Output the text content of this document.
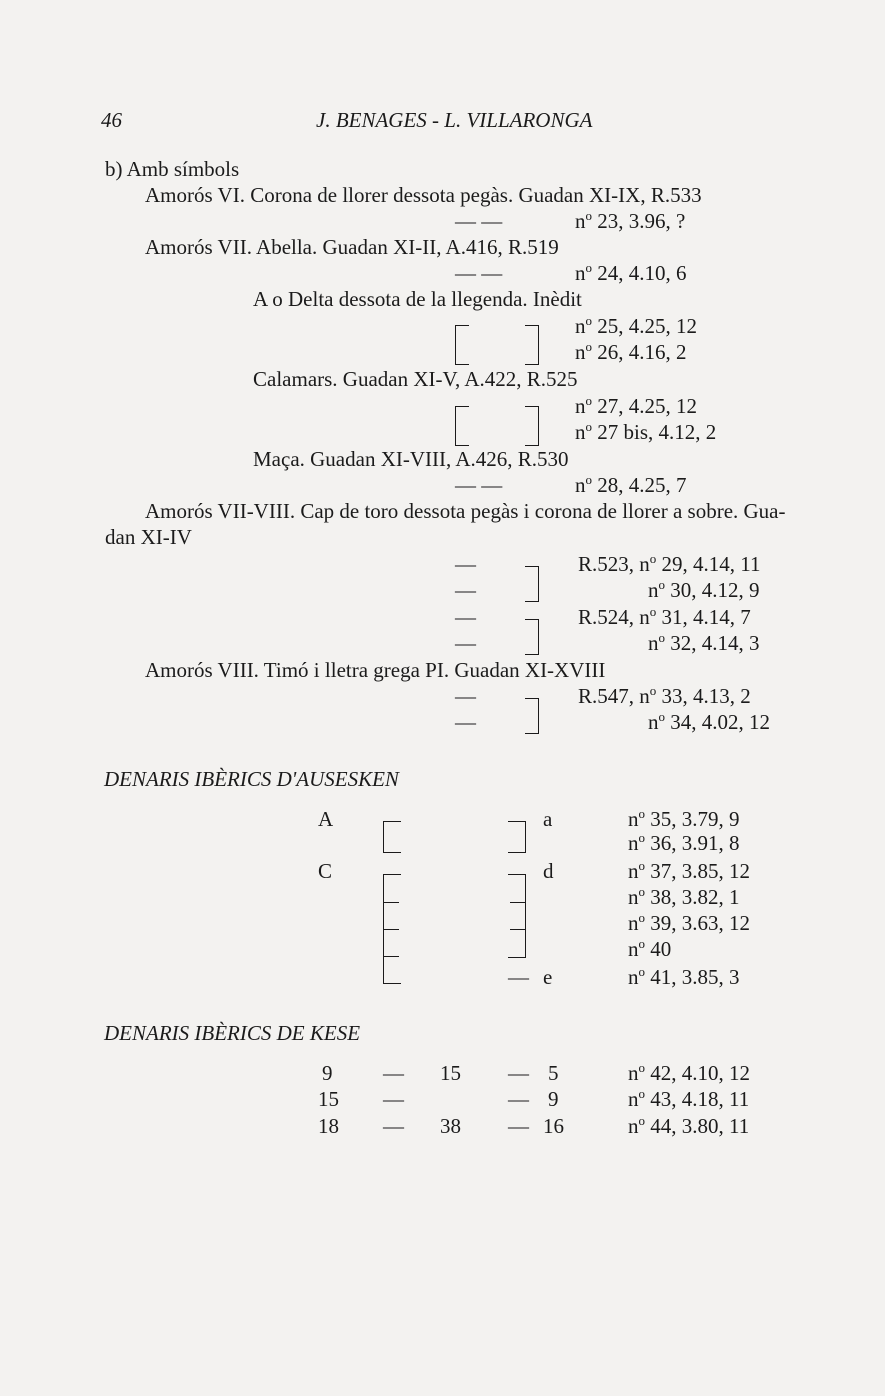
46	J. BENAGES - L. VILLARONGA
b) Amb símbols
Amorós VI. Corona de llorer dessota pegàs. Guadan XI-IX, R.533
— —	$n^o$ 23, 3.96, ?
Amorós VII. Abella. Guadan XI-II, A.416, R.519
— —	$n^o$ 24, 4.10, 6
A o Delta dessota de la llegenda. Inèdit
$n^o$ 25, 4.25, 12
$n^o$ 26, 4.16, 2
Calamars. Guadan XI-V, A.422, R.525
$n^o$ 27, 4.25, 12
$n^o$ 27 bis, 4.12, 2
Maça. Guadan XI-VIII, A.426, R.530
— —	$n^o$ 28, 4.25, 7
Amorós VII-VIII. Cap de toro dessota pegàs i corona de llorer a sobre. Gua-
dan XI-IV
—	R.523, $n^o$ 29, 4.14, 11
—	$n^o$ 30, 4.12, 9
—	R.524, $n^o$ 31, 4.14, 7
—	$n^o$ 32, 4.14, 3
Amorós VIII. Timó i lletra grega PI. Guadan XI-XVIII
—	R.547, $n^o$ 33, 4.13, 2
—	$n^o$ 34, 4.02, 12
DENARIS IBÈRICS D'AUSESKEN
A	a	$n^o$ 35, 3.79, 9
$n^o$ 36, 3.91, 8
C	d	$n^o$ 37, 3.85, 12
$n^o$ 38, 3.82, 1
$n^o$ 39, 3.63, 12
$n^o$ 40
— e	$n^o$ 41, 3.85, 3
DENARIS IBÈRICS DE KESE
9 — 15 — 5	$n^o$ 42, 4.10, 12
15 —	— 9	$n^o$ 43, 4.18, 11
18 — 38 — 16	$n^o$ 44, 3.80, 11
